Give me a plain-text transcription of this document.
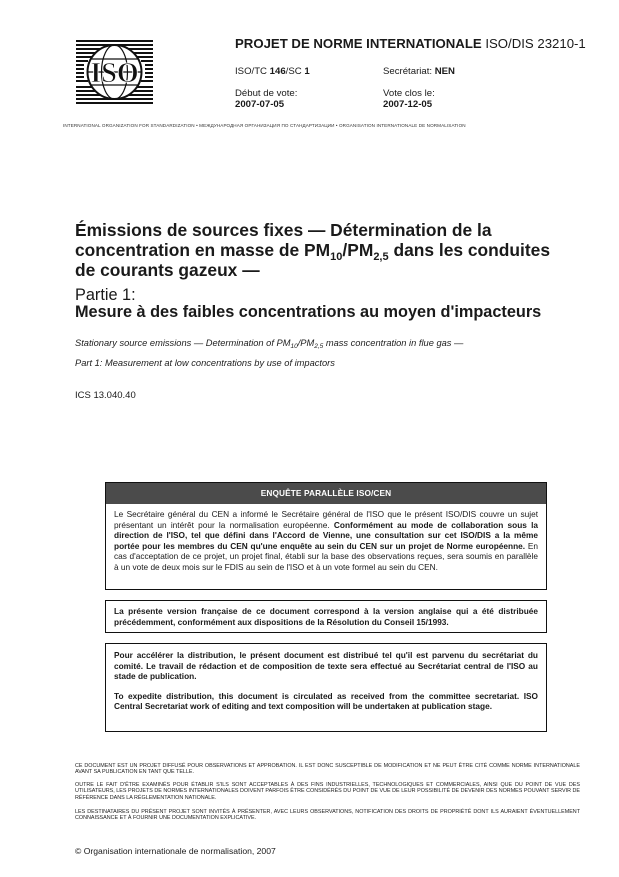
ISO
PROJET DE NORME INTERNATIONALE ISO/DIS 23210-1
ISO/TC 146/SC 1	Secrétariat: NEN
Début de vote:
2007-07-05
Vote clos le:
2007-12-05
INTERNATIONAL ORGANIZATION FOR STANDARDIZATION • МЕЖДУНАРОДНАЯ ОРГАНИЗАЦИЯ ПО СТАНДАРТИЗАЦИИ • ORGANISATION INTERNATIONALE DE NORMALISATION
Émissions de sources fixes — Détermination de la concentration en masse de $PM_{10}/PM_{2,5}$ dans les conduites de courants gazeux —
Partie 1:
Mesure à des faibles concentrations au moyen d'impacteurs
Stationary source emissions — Determination of $PM_{10}/PM_{2,5}$ mass concentration in flue gas —
Part 1: Measurement at low concentrations by use of impactors
ICS 13.040.40
ENQUÊTE PARALLÈLE ISO/CEN

Le Secrétaire général du CEN a informé le Secrétaire général de l'ISO que le présent ISO/DIS couvre un sujet présentant un intérêt pour la normalisation européenne. Conformément au mode de collaboration sous la direction de l'ISO, tel que défini dans l'Accord de Vienne, une consultation sur cet ISO/DIS a la même portée pour les membres du CEN qu'une enquête au sein du CEN sur un projet de Norme européenne. En cas d'acceptation de ce projet, un projet final, établi sur la base des observations reçues, sera soumis en parallèle à un vote de deux mois sur le FDIS au sein de l'ISO et à un vote formel au sein du CEN.

La présente version française de ce document correspond à la version anglaise qui a été distribuée précédemment, conformément aux dispositions de la Résolution du Conseil 15/1993.

Pour accélérer la distribution, le présent document est distribué tel qu'il est parvenu du secrétariat du comité. Le travail de rédaction et de composition de texte sera effectué au Secrétariat central de l'ISO au stade de publication.

To expedite distribution, this document is circulated as received from the committee secretariat. ISO Central Secretariat work of editing and text composition will be undertaken at publication stage.

CE DOCUMENT EST UN PROJET DIFFUSÉ POUR OBSERVATIONS ET APPROBATION. IL EST DONC SUSCEPTIBLE DE MODIFICATION ET NE PEUT ÊTRE CITÉ COMME NORME INTERNATIONALE AVANT SA PUBLICATION EN TANT QUE TELLE.
OUTRE LE FAIT D'ÊTRE EXAMINÉS POUR ÉTABLIR S'ILS SONT ACCEPTABLES À DES FINS INDUSTRIELLES, TECHNOLOGIQUES ET COMMERCIALES, AINSI QUE DU POINT DE VUE DES UTILISATEURS, LES PROJETS DE NORMES INTERNATIONALES DOIVENT PARFOIS ÊTRE CONSIDÉRÉS DU POINT DE VUE DE LEUR POSSIBILITÉ DE DEVENIR DES NORMES POUVANT SERVIR DE RÉFÉRENCE DANS LA RÉGLEMENTATION NATIONALE.
LES DESTINATAIRES DU PRÉSENT PROJET SONT INVITÉS À PRÉSENTER, AVEC LEURS OBSERVATIONS, NOTIFICATION DES DROITS DE PROPRIÉTÉ DONT ILS AURAIENT ÉVENTUELLEMENT CONNAISSANCE ET À FOURNIR UNE DOCUMENTATION EXPLICATIVE.
© Organisation internationale de normalisation, 2007
